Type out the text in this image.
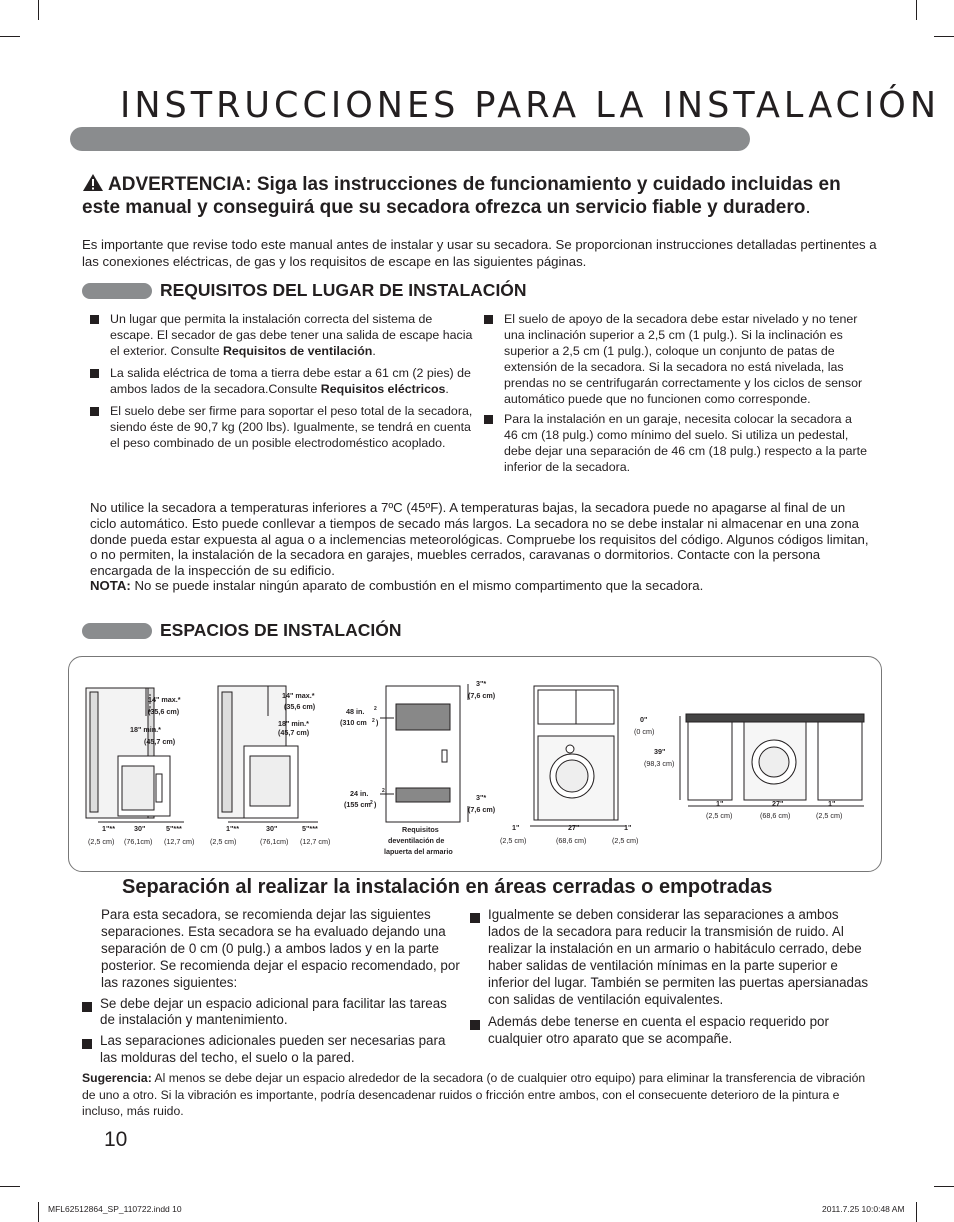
INSTRUCCIONES PARA LA INSTALACIÓN
ADVERTENCIA: Siga las instrucciones de funcionamiento y cuidado incluidas en este manual y conseguirá que su secadora ofrezca un servicio fiable y duradero.
Es importante que revise todo este manual antes de instalar y usar su secadora. Se proporcionan instrucciones detalladas pertinentes a las conexiones eléctricas, de gas y los requisitos de escape en las siguientes páginas.
REQUISITOS DEL LUGAR DE INSTALACIÓN
Un lugar que permita la instalación correcta del sistema de escape. El secador de gas debe tener una salida de escape hacia el exterior. Consulte Requisitos de ventilación.
La salida eléctrica de toma a tierra debe estar a 61 cm (2 pies) de ambos lados de la secadora.Consulte Requisitos eléctricos.
El suelo debe ser firme para soportar el peso total de la secadora, siendo éste de 90,7 kg (200 lbs). Igualmente, se tendrá en cuenta el peso combinado de un posible electrodoméstico acoplado.
El suelo de apoyo de la secadora debe estar nivelado y no tener una inclinación superior a 2,5 cm (1 pulg.). Si la inclinación es superior a 2,5 cm (1 pulg.), coloque un conjunto de patas de extensión de la secadora. Si la secadora no está nivelada, las prendas no se centrifugarán correctamente y los ciclos de sensor automático puede que no funcionen como corresponde.
Para la instalación en un garaje, necesita colocar la secadora a 46 cm (18 pulg.) como mínimo del suelo. Si utiliza un pedestal, debe dejar una separación de 46 cm (18 pulg.) respecto a la parte inferior de la secadora.
No utilice la secadora a temperaturas inferiores a 7ºC (45ºF). A temperaturas bajas, la secadora puede no apagarse al final de un ciclo automático. Esto puede conllevar a tiempos de secado más largos. La secadora no se debe instalar ni almacenar en una zona donde pueda estar expuesta al agua o a inclemencias meteorológicas. Compruebe los requisitos del código. Algunos códigos limitan, o no permiten, la instalación de la secadora en garajes, muebles cerrados, caravanas o dormitorios. Contacte con la persona encargada de la inspección de su edificio.
NOTA: No se puede instalar ningún aparato de combustión en el mismo compartimento que la secadora.
ESPACIOS DE INSTALACIÓN
14" max.*
(35,6 cm)
18" min.*
(45,7 cm)
1"**	30"	5"***
(2,5 cm) (76,1cm) (12,7 cm)
14" max.*
(35,6 cm)
18" min.*
(45,7 cm)
1"**	30"	5"***
(2,5 cm)	(76,1cm) (12,7 cm)
48 in.
(310 cm
24 in.
(155 cm
2
2 )
2
2 )
3"*
(7,6 cm)
3"*
(7,6 cm)
Requisitos
deventilación de
lapuerta del armario
1"	27"	1"
(2,5 cm)	(68,6 cm)	(2,5 cm)
0"
(0 cm)
39"
(98,3 cm)
1"	27"	1"
(2,5 cm)	(68,6 cm)	(2,5 cm)
Separación al realizar la instalación en áreas cerradas o empotradas
Para esta secadora, se recomienda dejar las siguientes separaciones. Esta secadora se ha evaluado dejando una separación de 0 cm (0 pulg.) a ambos lados y en la parte posterior. Se recomienda dejar el espacio recomendado, por las razones siguientes:
Se debe dejar un espacio adicional para facilitar las tareas de instalación y mantenimiento.
Las separaciones adicionales pueden ser necesarias para las molduras del techo, el suelo o la pared.
Igualmente se deben considerar las separaciones a ambos lados de la secadora para reducir la transmisión de ruido. Al realizar la instalación en un armario o habitáculo cerrado, debe haber salidas de ventilación mínimas en la parte superior e inferior del lugar. También se permiten las puertas apersianadas con salidas de ventilación equivalentes.
Además debe tenerse en cuenta el espacio requerido por cualquier otro aparato que se acompañe.
Sugerencia: Al menos se debe dejar un espacio alrededor de la secadora (o de cualquier otro equipo) para eliminar la transferencia de vibración de uno a otro. Si la vibración es importante, podría desencadenar ruidos o fricción entre ambos, con el consecuente deterioro de la pintura e incluso, más ruido.
10
MFL62512864_SP_110722.indd 10	2011.7.25 10:0:48 AM
